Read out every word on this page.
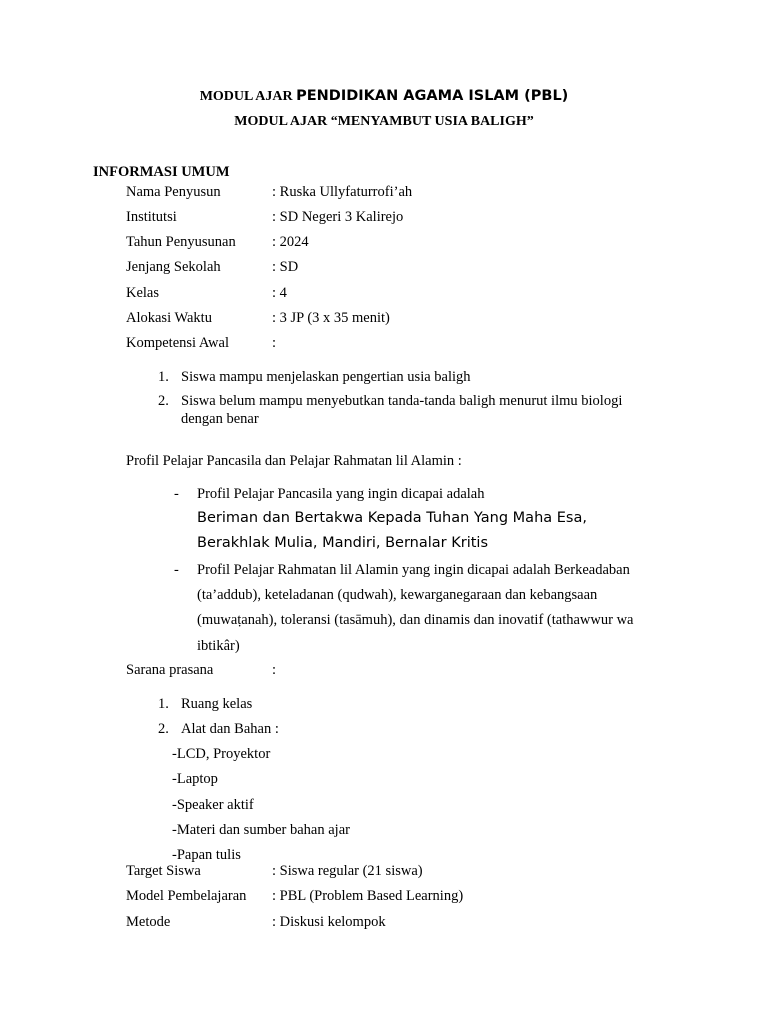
MODUL AJAR PENDIDIKAN AGAMA ISLAM (PBL)
MODUL AJAR “MENYAMBUT USIA BALIGH”
INFORMASI UMUM
Nama Penyusun	: Ruska Ullyfaturrofi’ah
Institutsi	: SD Negeri 3 Kalirejo
Tahun Penyusunan	: 2024
Jenjang Sekolah	: SD
Kelas	: 4
Alokasi Waktu	: 3 JP (3 x 35 menit)
Kompetensi Awal	:
1. Siswa mampu menjelaskan pengertian usia baligh
2. Siswa belum mampu menyebutkan tanda-tanda baligh menurut ilmu biologi
dengan benar
Profil Pelajar Pancasila dan Pelajar Rahmatan lil Alamin :
- Profil Pelajar Pancasila yang ingin dicapai adalah
Beriman dan Bertakwa Kepada Tuhan Yang Maha Esa,
Berakhlak Mulia, Mandiri, Bernalar Kritis
- Profil Pelajar Rahmatan lil Alamin yang ingin dicapai adalah Berkeadaban
(ta’addub), keteladanan (qudwah), kewarganegaraan dan kebangsaan
(muwaṭanah), toleransi (tasāmuh), dan dinamis dan inovatif (tathawwur wa
ibtikâr)
Sarana prasana	:
1. Ruang kelas
2. Alat dan Bahan :
-LCD, Proyektor
-Laptop
-Speaker aktif
-Materi dan sumber bahan ajar
-Papan tulis
Target Siswa	: Siswa regular (21 siswa)
Model Pembelajaran : PBL (Problem Based Learning)
Metode	: Diskusi kelompok
